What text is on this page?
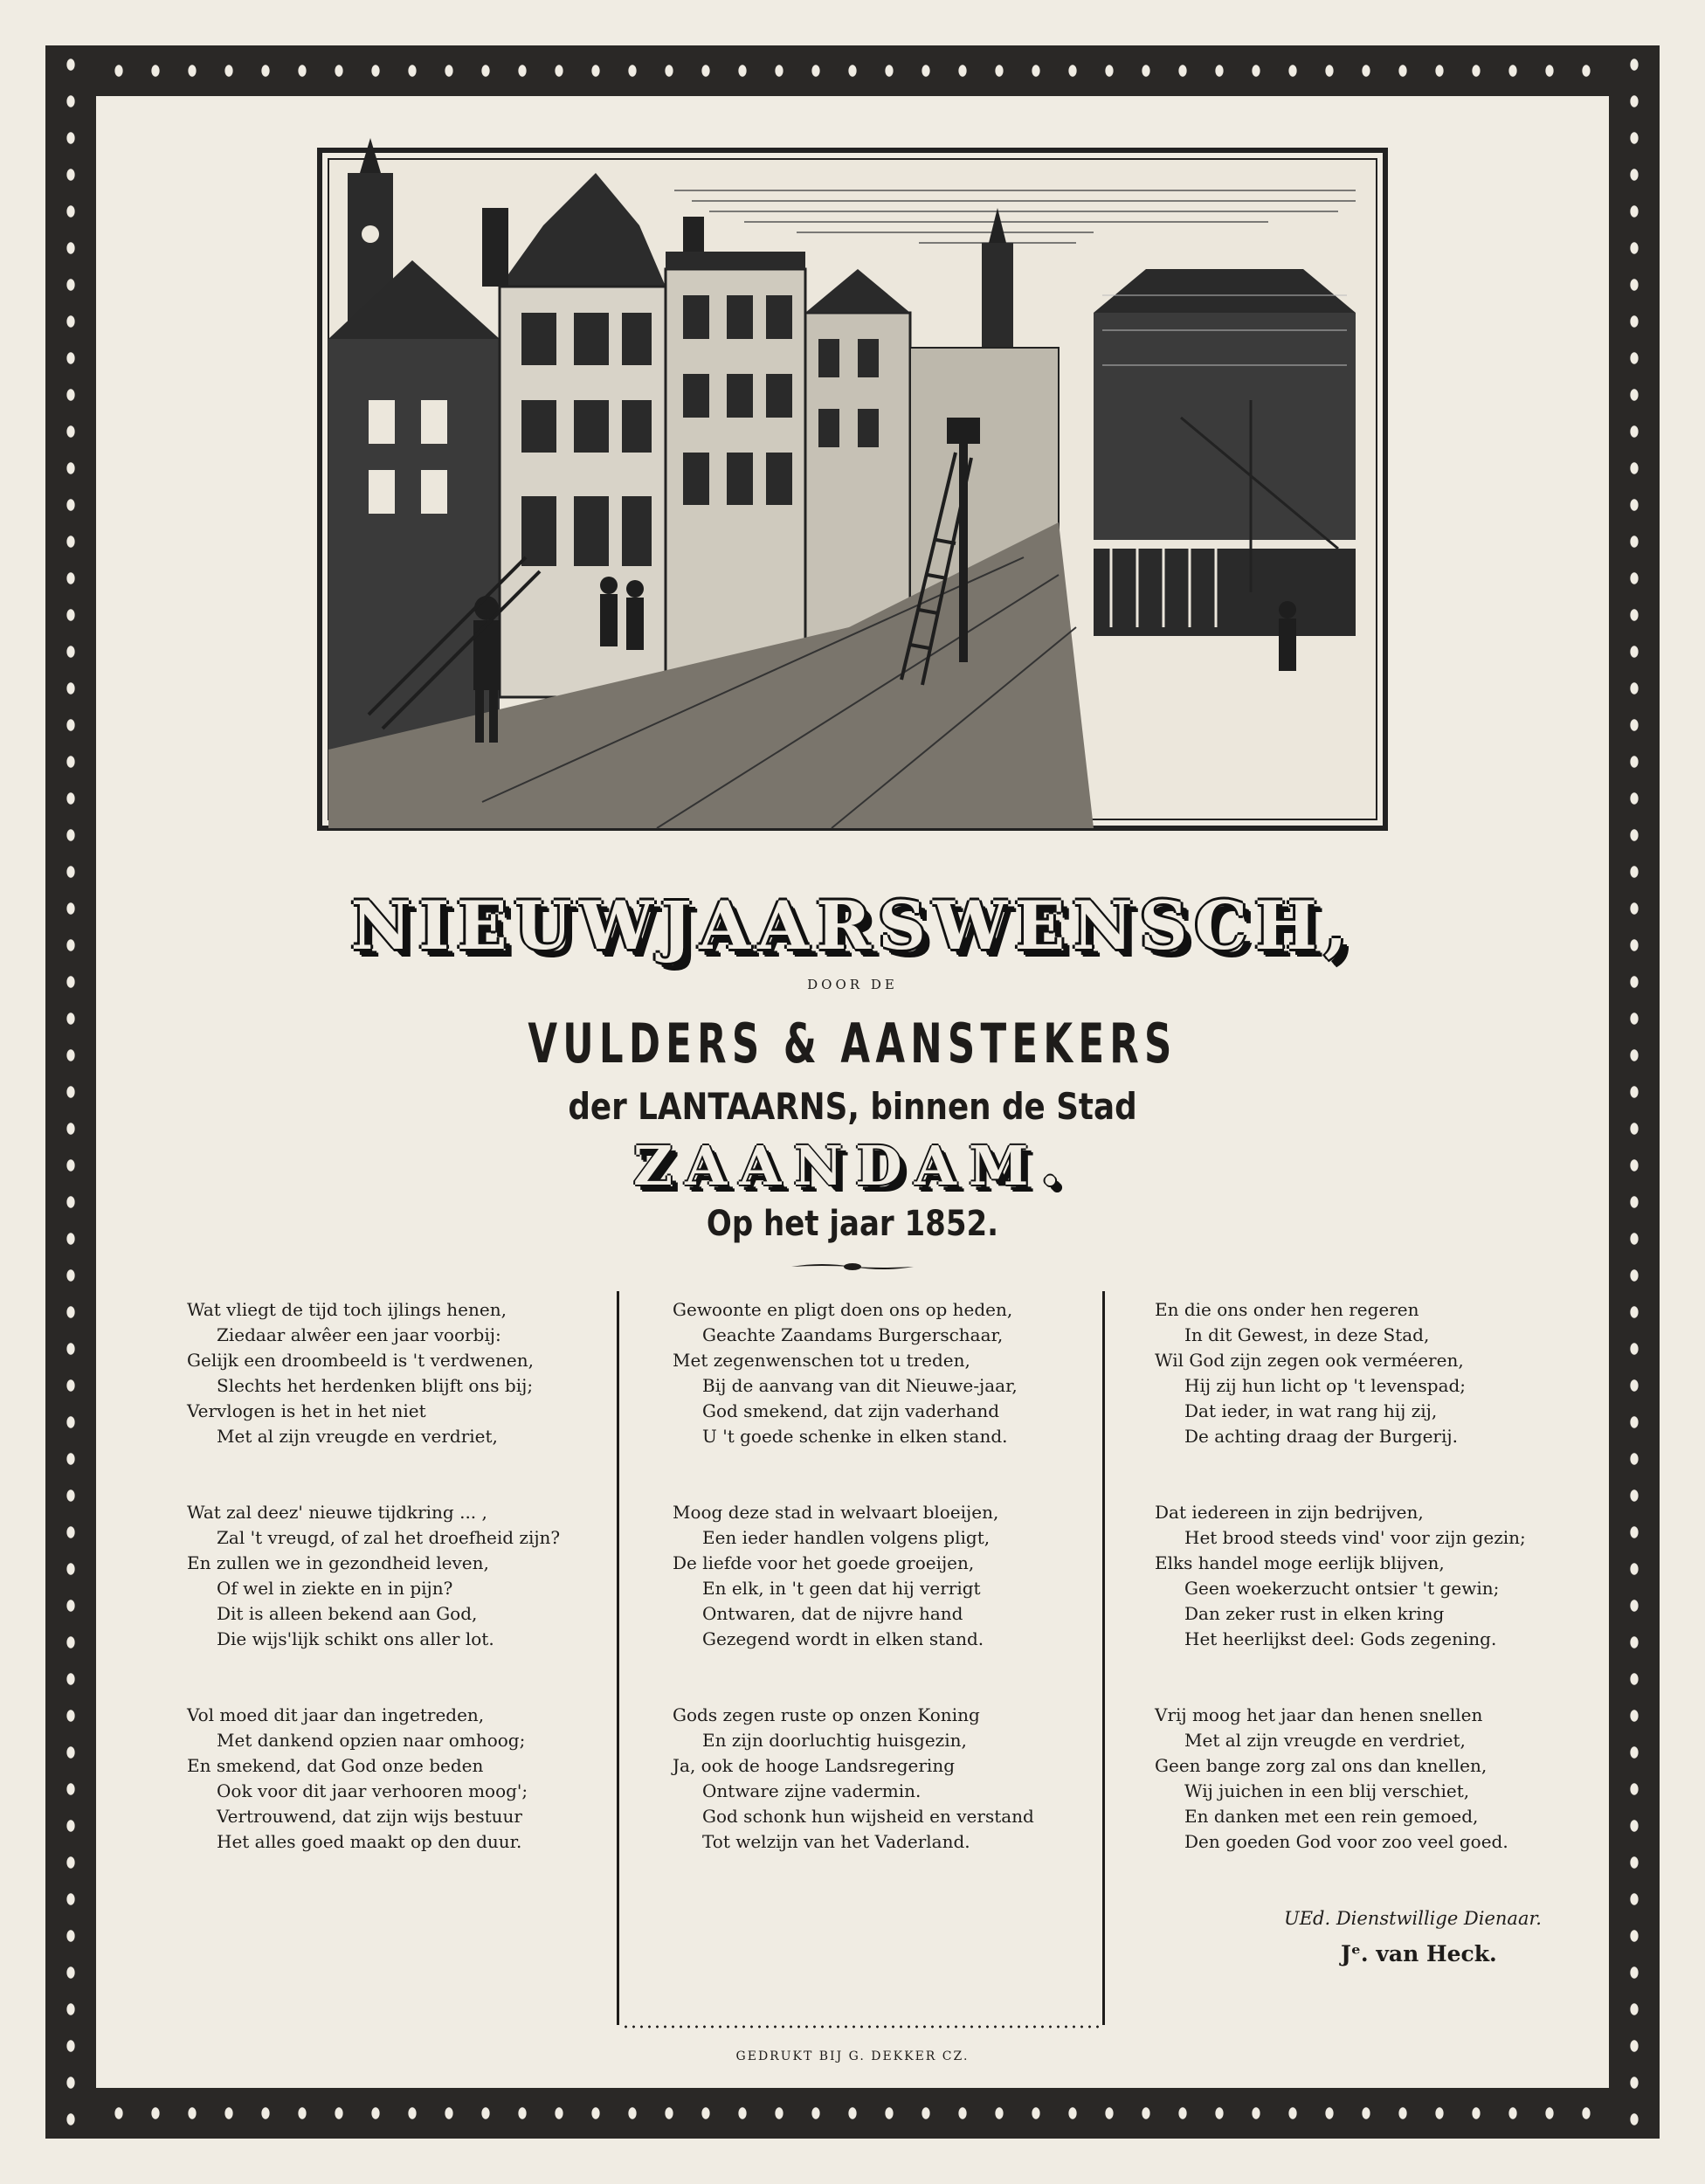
NIEUWJAARSWENSCH,
DOOR DE
VULDERS & AANSTEKERS
der LANTAARNS, binnen de Stad
ZAANDAM.
Op het jaar 1852.
Wat vliegt de tijd toch ijlings henen,
Ziedaar alwêer een jaar voorbij:
Gelijk een droombeeld is 't verdwenen,
Slechts het herdenken blijft ons bij;
Vervlogen is het in het niet
Met al zijn vreugde en verdriet,
Wat zal deez' nieuwe tijdkring ... ,
Zal 't vreugd, of zal het droefheid zijn?
En zullen we in gezondheid leven,
Of wel in ziekte en in pijn?
Dit is alleen bekend aan God,
Die wijs'lijk schikt ons aller lot.
Vol moed dit jaar dan ingetreden,
Met dankend opzien naar omhoog;
En smekend, dat God onze beden
Ook voor dit jaar verhooren moog';
Vertrouwend, dat zijn wijs bestuur
Het alles goed maakt op den duur.
Gewoonte en pligt doen ons op heden,
Geachte Zaandams Burgerschaar,
Met zegenwenschen tot u treden,
Bij de aanvang van dit Nieuwe-jaar,
God smekend, dat zijn vaderhand
U 't goede schenke in elken stand.
Moog deze stad in welvaart bloeijen,
Een ieder handlen volgens pligt,
De liefde voor het goede groeijen,
En elk, in 't geen dat hij verrigt
Ontwaren, dat de nijvre hand
Gezegend wordt in elken stand.
Gods zegen ruste op onzen Koning
En zijn doorluchtig huisgezin,
Ja, ook de hooge Landsregering
Ontware zijne vadermin.
God schonk hun wijsheid en verstand
Tot welzijn van het Vaderland.
En die ons onder hen regeren
In dit Gewest, in deze Stad,
Wil God zijn zegen ook verméeren,
Hij zij hun licht op 't levenspad;
Dat ieder, in wat rang hij zij,
De achting draag der Burgerij.
Dat iedereen in zijn bedrijven,
Het brood steeds vind' voor zijn gezin;
Elks handel moge eerlijk blijven,
Geen woekerzucht ontsier 't gewin;
Dan zeker rust in elken kring
Het heerlijkst deel: Gods zegening.
Vrij moog het jaar dan henen snellen
Met al zijn vreugde en verdriet,
Geen bange zorg zal ons dan knellen,
Wij juichen in een blij verschiet,
En danken met een rein gemoed,
Den goeden God voor zoo veel goed.
UEd. Dienstwillige Dienaar.
Jᵉ. van Heck.
GEDRUKT BIJ G. DEKKER CZ.
